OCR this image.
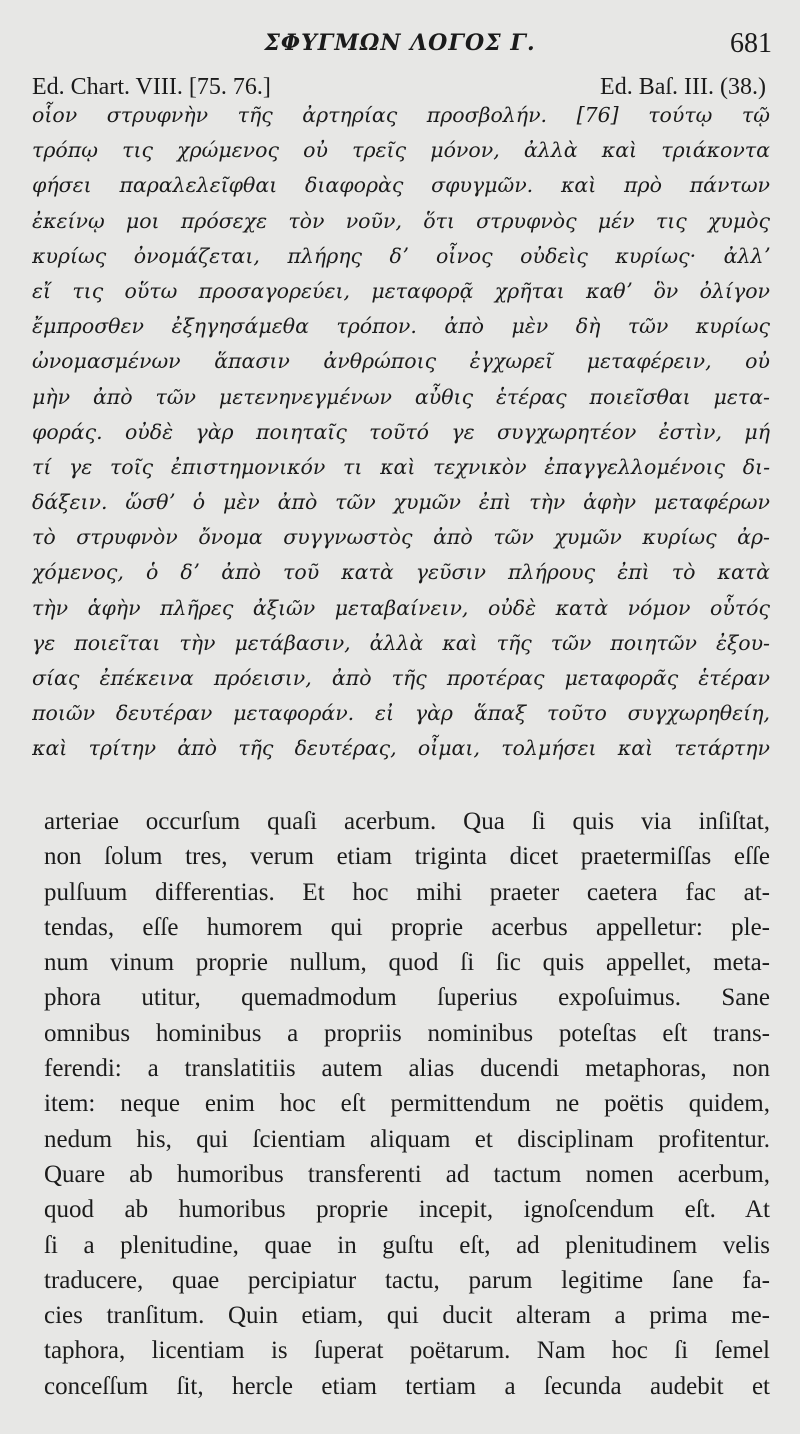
ΣΦΥΓΜΩΝ ΛΟΓΟΣ Γ.	681
Ed. Chart. VIII. [75. 76.]	Ed. Baſ. III. (38.)
οἷον στρυφνὴν τῆς ἀρτηρίας προσβολήν. [76] τούτῳ τῷ
τρόπῳ τις χρώμενος οὐ τρεῖς μόνον, ἀλλὰ καὶ τριάκοντα
φήσει παραλελεῖφθαι διαφορὰς σφυγμῶν. καὶ πρὸ πάντων
ἐκείνῳ μοι πρόσεχε τὸν νοῦν, ὅτι στρυφνὸς μέν τις χυμὸς
κυρίως ὀνομάζεται, πλήρης δʼ οἶνος οὐδεὶς κυρίως· ἀλλʼ
εἴ τις οὕτω προσαγορεύει, μεταφορᾷ χρῆται καθʼ ὃν ὀλίγον
ἔμπροσθεν ἐξηγησάμεθα τρόπον. ἀπὸ μὲν δὴ τῶν κυρίως
ὠνομασμένων ἅπασιν ἀνθρώποις ἐγχωρεῖ μεταφέρειν, οὐ
μὴν ἀπὸ τῶν μετενηνεγμένων αὖθις ἑτέρας ποιεῖσθαι μετα-
φοράς. οὐδὲ γὰρ ποιηταῖς τοῦτό γε συγχωρητέον ἐστὶν, μή
τί γε τοῖς ἐπιστημονικόν τι καὶ τεχνικὸν ἐπαγγελλομένοις δι-
δάξειν. ὥσθʼ ὁ μὲν ἀπὸ τῶν χυμῶν ἐπὶ τὴν ἁφὴν μεταφέρων
τὸ στρυφνὸν ὄνομα συγγνωστὸς ἀπὸ τῶν χυμῶν κυρίως ἀρ-
χόμενος, ὁ δʼ ἀπὸ τοῦ κατὰ γεῦσιν πλήρους ἐπὶ τὸ κατὰ
τὴν ἁφὴν πλῆρες ἀξιῶν μεταβαίνειν, οὐδὲ κατὰ νόμον οὗτός
γε ποιεῖται τὴν μετάβασιν, ἀλλὰ καὶ τῆς τῶν ποιητῶν ἐξου-
σίας ἐπέκεινα πρόεισιν, ἀπὸ τῆς προτέρας μεταφορᾶς ἑτέραν
ποιῶν δευτέραν μεταφοράν. εἰ γὰρ ἅπαξ τοῦτο συγχωρηθείη,
καὶ τρίτην ἀπὸ τῆς δευτέρας, οἶμαι, τολμήσει καὶ τετάρτην
arteriae occurſum quaſi acerbum. Qua ſi quis via inſiſtat,
non ſolum tres, verum etiam triginta dicet praetermiſſas eſſe
pulſuum differentias. Et hoc mihi praeter caetera fac at-
tendas, eſſe humorem qui proprie acerbus appelletur: ple-
num vinum proprie nullum, quod ſi ſic quis appellet, meta-
phora utitur, quemadmodum ſuperius expoſuimus. Sane
omnibus hominibus a propriis nominibus poteſtas eſt trans-
ferendi: a translatitiis autem alias ducendi metaphoras, non
item: neque enim hoc eſt permittendum ne poëtis quidem,
nedum his, qui ſcientiam aliquam et disciplinam profitentur.
Quare ab humoribus transferenti ad tactum nomen acerbum,
quod ab humoribus proprie incepit, ignoſcendum eſt. At
ſi a plenitudine, quae in guſtu eſt, ad plenitudinem velis
traducere, quae percipiatur tactu, parum legitime ſane fa-
cies tranſitum. Quin etiam, qui ducit alteram a prima me-
taphora, licentiam is ſuperat poëtarum. Nam hoc ſi ſemel
conceſſum ſit, hercle etiam tertiam a ſecunda audebit et
